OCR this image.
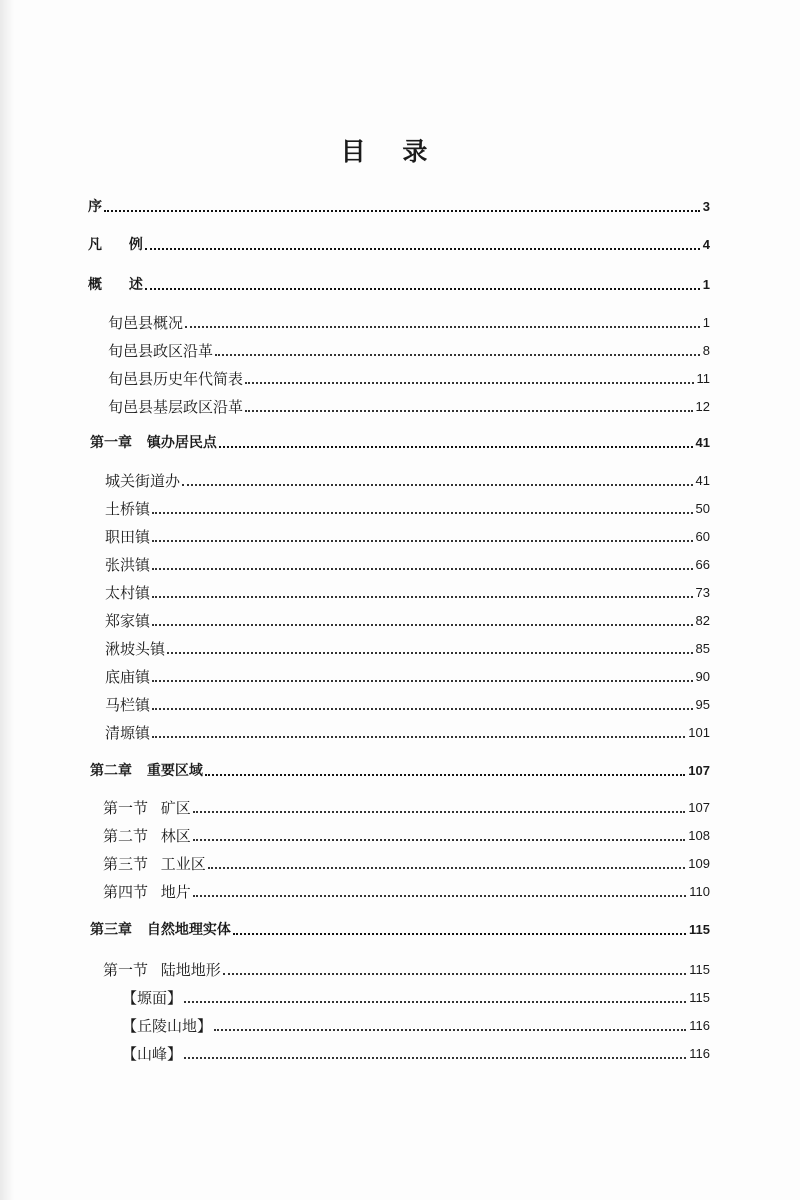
目 录
序	3
凡 例	4
概 述	1
旬邑县概况	1
旬邑县政区沿革	8
旬邑县历史年代简表	11
旬邑县基层政区沿革	12
第一章 镇办居民点	41
城关街道办	41
土桥镇	50
职田镇	60
张洪镇	66
太村镇	73
郑家镇	82
湫坡头镇	85
底庙镇	90
马栏镇	95
清塬镇	101
第二章 重要区域	107
第一节 矿区	107
第二节 林区	108
第三节 工业区	109
第四节 地片	110
第三章 自然地理实体	115
第一节 陆地地形	115
【塬面】	115
【丘陵山地】	116
【山峰】	116
